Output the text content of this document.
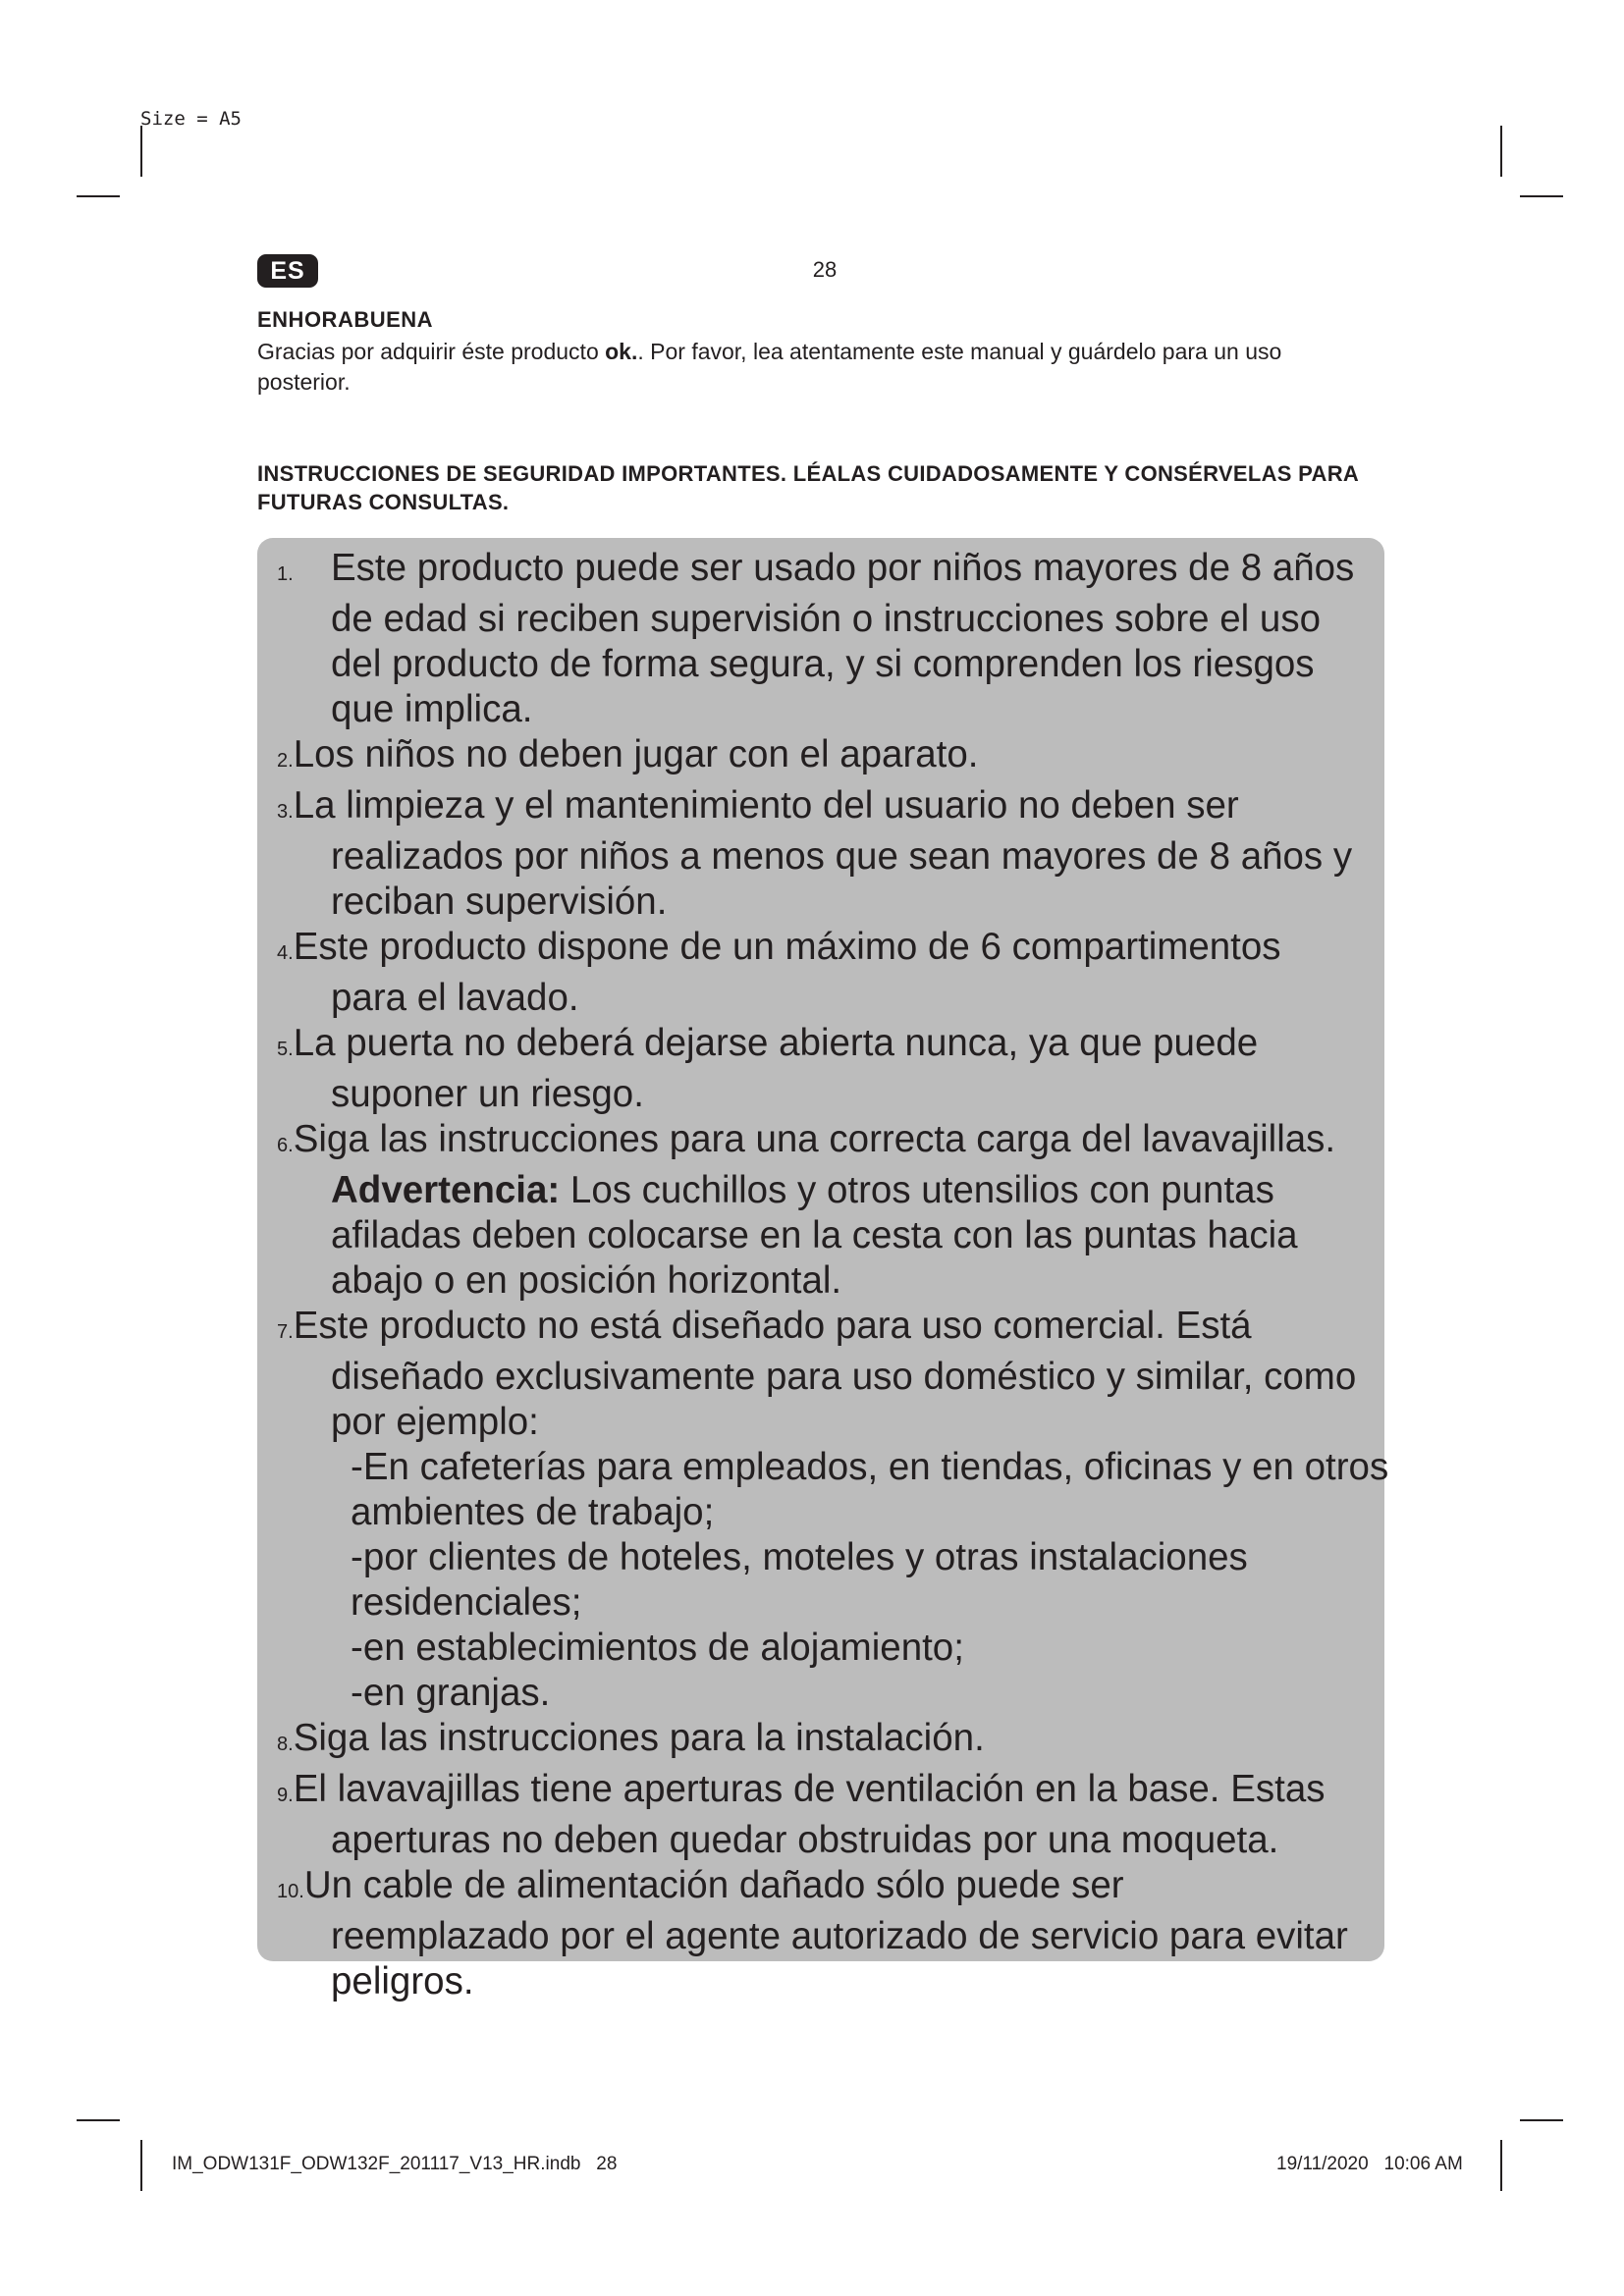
Size = A5
ES	28
ENHORABUENA
Gracias por adquirir éste producto ok.. Por favor, lea atentamente este manual y guárdelo para un uso posterior.
INSTRUCCIONES DE SEGURIDAD IMPORTANTES. LÉALAS CUIDADOSAMENTE Y CONSÉRVELAS PARA FUTURAS CONSULTAS.
1. Este producto puede ser usado por niños mayores de 8 años
de edad si reciben supervisión o instrucciones sobre el uso
del producto de forma segura, y si comprenden los riesgos
que implica.
2.Los niños no deben jugar con el aparato.
3.La limpieza y el mantenimiento del usuario no deben ser
realizados por niños a menos que sean mayores de 8 años y
reciban supervisión.
4.Este producto dispone de un máximo de 6 compartimentos
para el lavado.
5.La puerta no deberá dejarse abierta nunca, ya que puede
suponer un riesgo.
6.Siga las instrucciones para una correcta carga del lavavajillas.
Advertencia: Los cuchillos y otros utensilios con puntas
afiladas deben colocarse en la cesta con las puntas hacia
abajo o en posición horizontal.
7.Este producto no está diseñado para uso comercial. Está
diseñado exclusivamente para uso doméstico y similar, como
por ejemplo:
-En cafeterías para empleados, en tiendas, oficinas y en otros
ambientes de trabajo;
-por clientes de hoteles, moteles y otras instalaciones
residenciales;
-en establecimientos de alojamiento;
-en granjas.
8.Siga las instrucciones para la instalación.
9.El lavavajillas tiene aperturas de ventilación en la base. Estas
aperturas no deben quedar obstruidas por una moqueta.
10.Un cable de alimentación dañado sólo puede ser
reemplazado por el agente autorizado de servicio para evitar
peligros.
IM_ODW131F_ODW132F_201117_V13_HR.indb   28	19/11/2020   10:06 AM
